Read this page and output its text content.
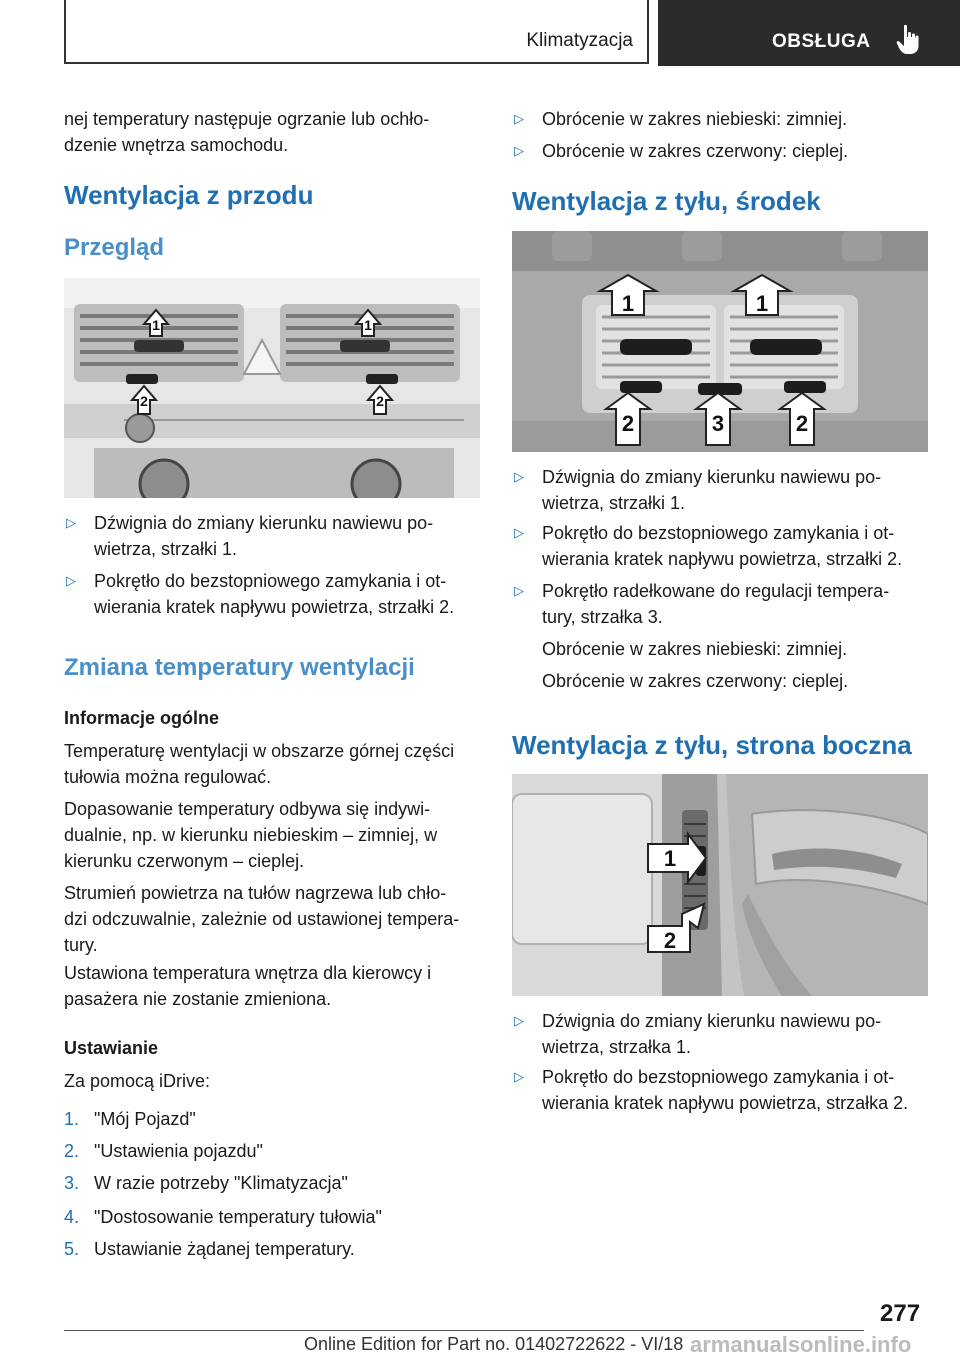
Klimatyzacja	OBSŁUGA
nej temperatury następuje ogrzanie lub ochło-
dzenie wnętrza samochodu.
Wentylacja z przodu
Przegląd
1	1
2	2
▷ Dźwignia do zmiany kierunku nawiewu po-
wietrza, strzałki 1.
▷ Pokrętło do bezstopniowego zamykania i ot-
wierania kratek napływu powietrza, strzałki 2.
Zmiana temperatury wentylacji
Informacje ogólne
Temperaturę wentylacji w obszarze górnej części
tułowia można regulować.
Dopasowanie temperatury odbywa się indywi-
dualnie, np. w kierunku niebieskim – zimniej, w
kierunku czerwonym – cieplej.
Strumień powietrza na tułów nagrzewa lub chło-
dzi odczuwalnie, zależnie od ustawionej tempera-
tury.
Ustawiona temperatura wnętrza dla kierowcy i
pasażera nie zostanie zmieniona.
Ustawianie
Za pomocą iDrive:
1. "Mój Pojazd"
2. "Ustawienia pojazdu"
3. W razie potrzeby "Klimatyzacja"
4. "Dostosowanie temperatury tułowia"
5. Ustawianie żądanej temperatury.
▷ Obrócenie w zakres niebieski: zimniej.
▷ Obrócenie w zakres czerwony: cieplej.
Wentylacja z tyłu, środek
1	1
2	3	2
▷ Dźwignia do zmiany kierunku nawiewu po-
wietrza, strzałki 1.
▷ Pokrętło do bezstopniowego zamykania i ot-
wierania kratek napływu powietrza, strzałki 2.
▷ Pokrętło radełkowane do regulacji tempera-
tury, strzałka 3.
Obrócenie w zakres niebieski: zimniej.
Obrócenie w zakres czerwony: cieplej.
Wentylacja z tyłu, strona boczna
1
2
▷ Dźwignia do zmiany kierunku nawiewu po-
wietrza, strzałka 1.
▷ Pokrętło do bezstopniowego zamykania i ot-
wierania kratek napływu powietrza, strzałka 2.
277
Online Edition for Part no. 01402722622 - VI/18 armanualsonline.info
